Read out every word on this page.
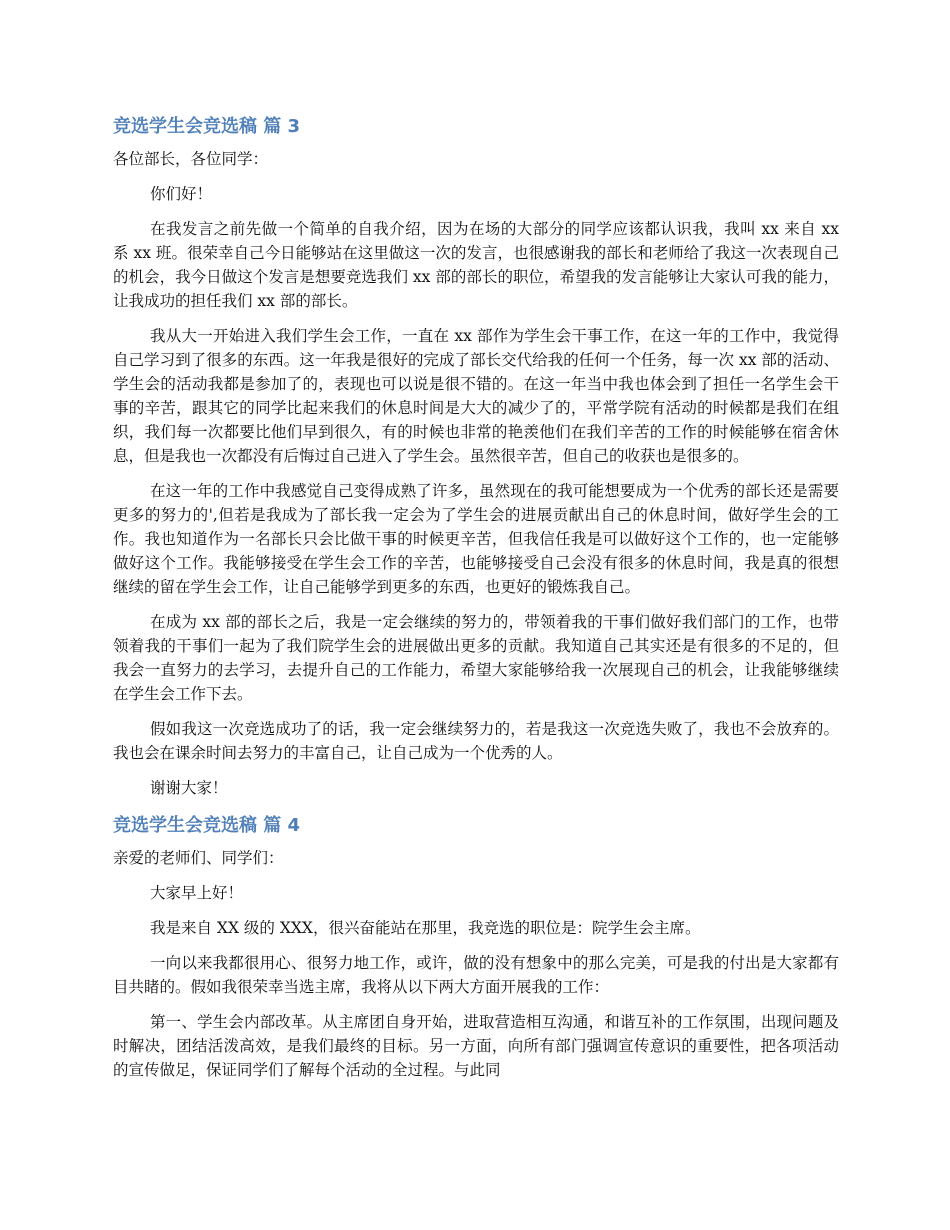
竞选学生会竞选稿 篇 3

各位部长，各位同学：

你们好！

在我发言之前先做一个简单的自我介绍，因为在场的大部分的同学应该都认识我，我叫 xx 来自 xx 系 xx 班。很荣幸自己今日能够站在这里做这一次的发言，也很感谢我的部长和老师给了我这一次表现自己的机会，我今日做这个发言是想要竞选我们 xx 部的部长的职位，希望我的发言能够让大家认可我的能力，让我成功的担任我们 xx 部的部长。

我从大一开始进入我们学生会工作，一直在 xx 部作为学生会干事工作，在这一年的工作中，我觉得自己学习到了很多的东西。这一年我是很好的完成了部长交代给我的任何一个任务，每一次 xx 部的活动、学生会的活动我都是参加了的，表现也可以说是很不错的。在这一年当中我也体会到了担任一名学生会干事的辛苦，跟其它的同学比起来我们的休息时间是大大的减少了的，平常学院有活动的时候都是我们在组织，我们每一次都要比他们早到很久，有的时候也非常的艳羡他们在我们辛苦的工作的时候能够在宿舍休息，但是我也一次都没有后悔过自己进入了学生会。虽然很辛苦，但自己的收获也是很多的。

在这一年的工作中我感觉自己变得成熟了许多，虽然现在的我可能想要成为一个优秀的部长还是需要更多的努力的',但若是我成为了部长我一定会为了学生会的进展贡献出自己的休息时间，做好学生会的工作。我也知道作为一名部长只会比做干事的时候更辛苦，但我信任我是可以做好这个工作的，也一定能够做好这个工作。我能够接受在学生会工作的辛苦，也能够接受自己会没有很多的休息时间，我是真的很想继续的留在学生会工作，让自己能够学到更多的东西，也更好的锻炼我自己。

在成为 xx 部的部长之后，我是一定会继续的努力的，带领着我的干事们做好我们部门的工作，也带领着我的干事们一起为了我们院学生会的进展做出更多的贡献。我知道自己其实还是有很多的不足的，但我会一直努力的去学习，去提升自己的工作能力，希望大家能够给我一次展现自己的机会，让我能够继续在学生会工作下去。

假如我这一次竞选成功了的话，我一定会继续努力的，若是我这一次竞选失败了，我也不会放弃的。我也会在课余时间去努力的丰富自己，让自己成为一个优秀的人。

谢谢大家！

竞选学生会竞选稿 篇 4

亲爱的老师们、同学们：

大家早上好！

我是来自 XX 级的 XXX，很兴奋能站在那里，我竞选的职位是：院学生会主席。

一向以来我都很用心、很努力地工作，或许，做的没有想象中的那么完美，可是我的付出是大家都有目共睹的。假如我很荣幸当选主席，我将从以下两大方面开展我的工作：

第一、学生会内部改革。从主席团自身开始，进取营造相互沟通，和谐互补的工作氛围，出现问题及时解决，团结活泼高效，是我们最终的目标。另一方面，向所有部门强调宣传意识的重要性，把各项活动的宣传做足，保证同学们了解每个活动的全过程。与此同
